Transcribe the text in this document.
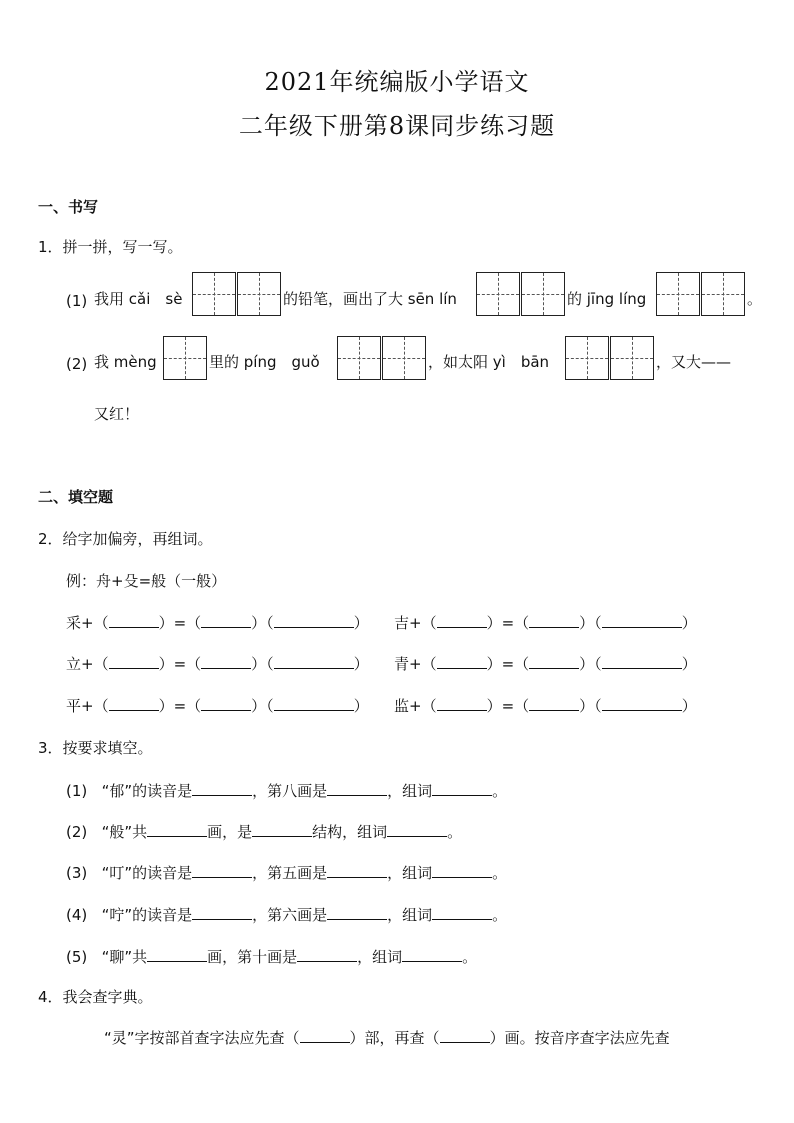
2021年统编版小学语文
二年级下册第8课同步练习题
一、书写
1．拼一拼，写一写。
(1) 我用 cǎi　sè	的铅笔，画出了大 sēn lín	的 jīng líng	。
(2) 我 mèng	里的 píng　guǒ	，如太阳 yì　bān	，又大——
又红！
二、填空题
2．给字加偏旁，再组词。
例：舟+殳=般（一般）
采+（	）=（	）（	） 吉+（	）=（	）（	）
立+（	）=（	）（	） 青+（	）=（	）（	）
平+（	）=（	）（	） 监+（	）=（	）（	）
3．按要求填空。
(1) “郁”的读音是	，第八画是	，组词	。
(2) “般”共	画，是	结构，组词	。
(3) “叮”的读音是	，第五画是	，组词	。
(4) “咛”的读音是	，第六画是	，组词	。
(5) “聊”共	画，第十画是	，组词	。
4．我会查字典。
“灵”字按部首查字法应先查（	）部，再查（	）画。按音序查字法应先查
